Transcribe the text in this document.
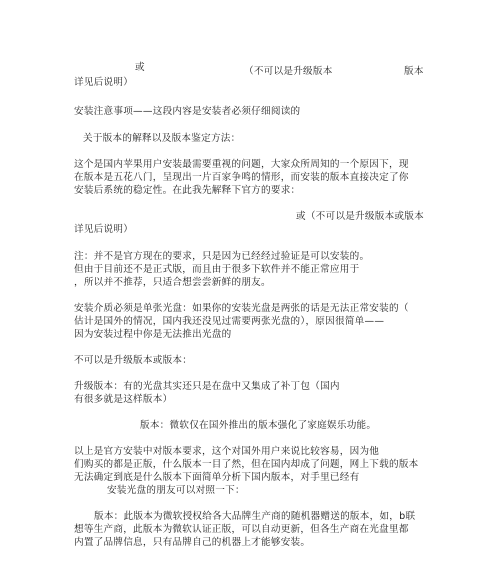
或	（不可以是升级版本	版本
详见后说明）
安装注意事项——这段内容是安装者必须仔细阅读的
关于版本的解释以及版本鉴定方法：
这个是国内苹果用户安装最需要重视的问题，大家众所周知的一个原因下，现
在版本是五花八门，呈现出一片百家争鸣的情形，而安装的版本直接决定了你
安装后系统的稳定性。在此我先解释下官方的要求：
或（不可以是升级版本或版本
详见后说明）
注：并不是官方现在的要求，只是因为已经经过验证是可以安装的。
但由于目前还不是正式版，而且由于很多下软件并不能正常应用于
，所以并不推荐，只适合想尝尝新鲜的朋友。
安装介质必须是单张光盘：如果你的安装光盘是两张的话是无法正常安装的（
估计是国外的情况，国内我还没见过需要两张光盘的），原因很简单——
因为安装过程中你是无法推出光盘的
不可以是升级版本或版本：
升级版本：有的光盘其实还只是在盘中又集成了补丁包（国内
有很多就是这样版本）
版本：微软仅在国外推出的版本强化了家庭娱乐功能。
以上是官方安装中对版本要求，这个对国外用户来说比较容易，因为他
们购买的都是正版，什么版本一目了然，但在国内却成了问题，网上下载的版本
无法确定到底是什么版本下面简单分析下国内版本，对手里已经有
安装光盘的朋友可以对照一下：
版本：此版本为微软授权给各大品牌生产商的随机器赠送的版本，如，b联
想等生产商，此版本为微软认证正版，可以自动更新，但各生产商在光盘里都
内置了品牌信息，只有品牌自己的机器上才能够安装。
